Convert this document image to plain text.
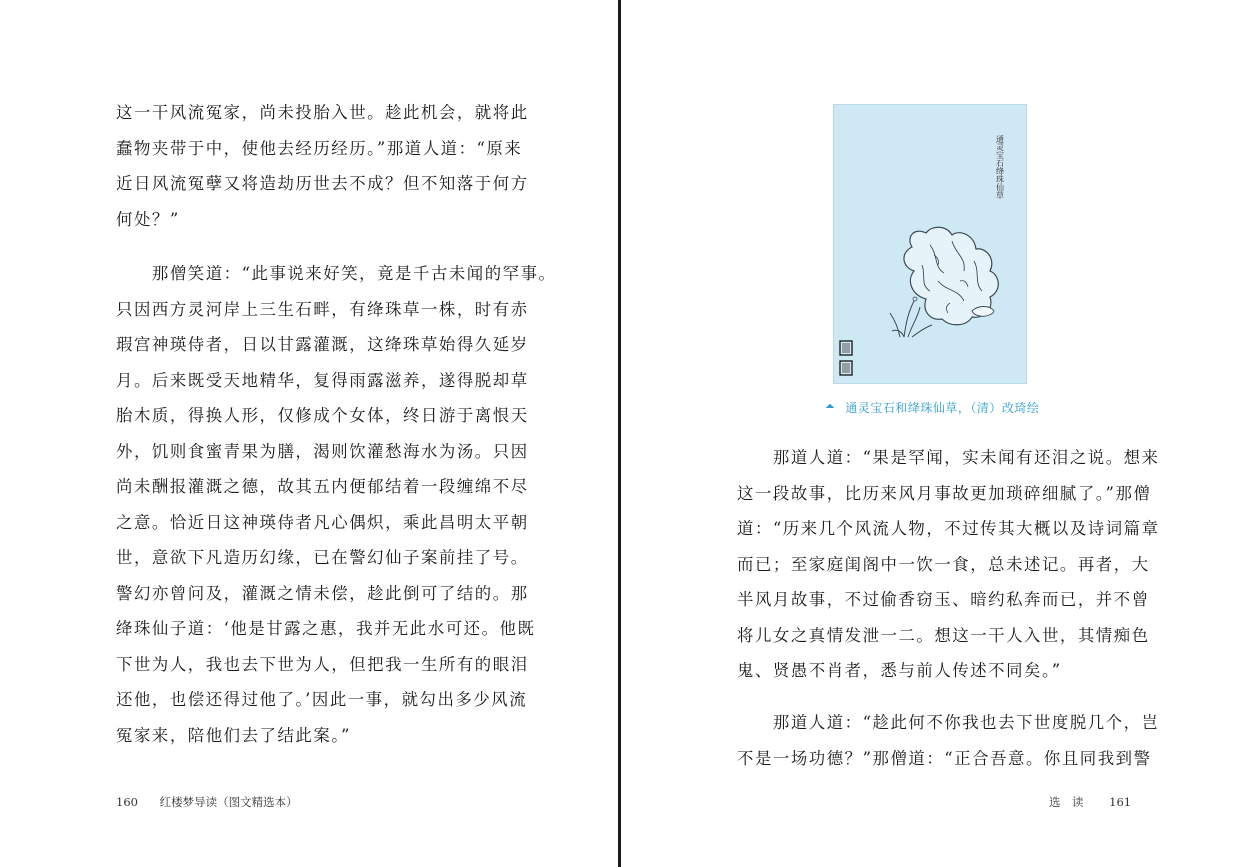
这一干风流冤家，尚未投胎入世。趁此机会，就将此
蠢物夹带于中，使他去经历经历。”那道人道：“原来
近日风流冤孽又将造劫历世去不成？但不知落于何方
何处？”
　　那僧笑道：“此事说来好笑，竟是千古未闻的罕事。
只因西方灵河岸上三生石畔，有绛珠草一株，时有赤
瑕宫神瑛侍者，日以甘露灌溉，这绛珠草始得久延岁
月。后来既受天地精华，复得雨露滋养，遂得脱却草
胎木质，得换人形，仅修成个女体，终日游于离恨天
外，饥则食蜜青果为膳，渴则饮灌愁海水为汤。只因
尚未酬报灌溉之德，故其五内便郁结着一段缠绵不尽
之意。恰近日这神瑛侍者凡心偶炽，乘此昌明太平朝
世，意欲下凡造历幻缘，已在警幻仙子案前挂了号。
警幻亦曾问及，灌溉之情未偿，趁此倒可了结的。那
绛珠仙子道：‘他是甘露之惠，我并无此水可还。他既
下世为人，我也去下世为人，但把我一生所有的眼泪
还他，也偿还得过他了。’因此一事，就勾出多少风流
冤家来，陪他们去了结此案。”
160 红楼梦导读（图文精选本）
通灵宝石绛珠仙草
通灵宝石和绛珠仙草，（清）改琦绘
　　那道人道：“果是罕闻，实未闻有还泪之说。想来
这一段故事，比历来风月事故更加琐碎细腻了。”那僧
道：“历来几个风流人物，不过传其大概以及诗词篇章
而已；至家庭闺阁中一饮一食，总未述记。再者，大
半风月故事，不过偷香窃玉、暗约私奔而已，并不曾
将儿女之真情发泄一二。想这一干人入世，其情痴色
鬼、贤愚不肖者，悉与前人传述不同矣。”
　　那道人道：“趁此何不你我也去下世度脱几个，岂
不是一场功德？”那僧道：“正合吾意。你且同我到警
选　读 161
